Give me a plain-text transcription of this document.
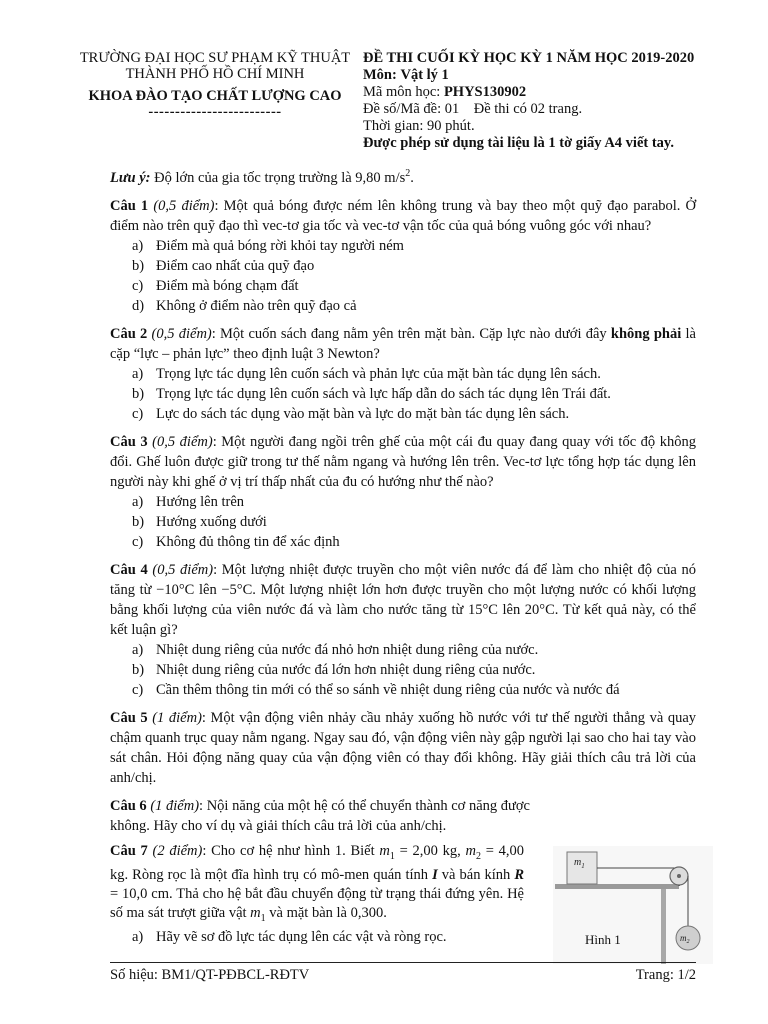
TRƯỜNG ĐẠI HỌC SƯ PHẠM KỸ THUẬT
THÀNH PHỐ HỒ CHÍ MINH
KHOA ĐÀO TẠO CHẤT LƯỢNG CAO
-------------------------
ĐỀ THI CUỐI KỲ HỌC KỲ 1 NĂM HỌC 2019-2020
Môn: Vật lý 1
Mã môn học: PHYS130902
Đề số/Mã đề: 01 Đề thi có 02 trang.
Thời gian: 90 phút.
Được phép sử dụng tài liệu là 1 tờ giấy A4 viết tay.

Lưu ý: Độ lớn của gia tốc trọng trường là 9,80 $m/s^2$.

Câu 1 (0,5 điểm): Một quả bóng được ném lên không trung và bay theo một quỹ đạo parabol. Ở điểm nào trên quỹ đạo thì vec-tơ gia tốc và vec-tơ vận tốc của quả bóng vuông góc với nhau?

a) Điểm mà quả bóng rời khỏi tay người ném
b) Điểm cao nhất của quỹ đạo
c) Điểm mà bóng chạm đất
d) Không ở điểm nào trên quỹ đạo cả

Câu 2 (0,5 điểm): Một cuốn sách đang nằm yên trên mặt bàn. Cặp lực nào dưới đây không phải là cặp “lực – phản lực” theo định luật 3 Newton?

a) Trọng lực tác dụng lên cuốn sách và phản lực của mặt bàn tác dụng lên sách.
b) Trọng lực tác dụng lên cuốn sách và lực hấp dẫn do sách tác dụng lên Trái đất.
c) Lực do sách tác dụng vào mặt bàn và lực do mặt bàn tác dụng lên sách.

Câu 3 (0,5 điểm): Một người đang ngồi trên ghế của một cái đu quay đang quay với tốc độ không đổi. Ghế luôn được giữ trong tư thế nằm ngang và hướng lên trên. Vec-tơ lực tổng hợp tác dụng lên người này khi ghế ở vị trí thấp nhất của đu có hướng như thế nào?

a) Hướng lên trên
b) Hướng xuống dưới
c) Không đủ thông tin để xác định

Câu 4 (0,5 điểm): Một lượng nhiệt được truyền cho một viên nước đá để làm cho nhiệt độ của nó tăng từ −10°C lên −5°C. Một lượng nhiệt lớn hơn được truyền cho một lượng nước có khối lượng bằng khối lượng của viên nước đá và làm cho nước tăng từ 15°C lên 20°C. Từ kết quả này, có thể kết luận gì?

a) Nhiệt dung riêng của nước đá nhỏ hơn nhiệt dung riêng của nước.
b) Nhiệt dung riêng của nước đá lớn hơn nhiệt dung riêng của nước.
c) Cần thêm thông tin mới có thể so sánh về nhiệt dung riêng của nước và nước đá

Câu 5 (1 điểm): Một vận động viên nhảy cầu nhảy xuống hồ nước với tư thế người thẳng và quay chậm quanh trục quay nằm ngang. Ngay sau đó, vận động viên này gập người lại sao cho hai tay vào sát chân. Hỏi động năng quay của vận động viên có thay đổi không. Hãy giải thích câu trả lời của anh/chị.

Câu 6 (1 điểm): Nội năng của một hệ có thể chuyển thành cơ năng được không. Hãy cho ví dụ và giải thích câu trả lời của anh/chị.

Câu 7 (2 điểm): Cho cơ hệ như hình 1. Biết $m_1 = 2,00$ kg, $m_2 = 4,00$ kg. Ròng rọc là một đĩa hình trụ có mô-men quán tính I và bán kính R = 10,0 cm. Thả cho hệ bắt đầu chuyển động từ trạng thái đứng yên. Hệ số ma sát trượt giữa vật $m_1$ và mặt bàn là 0,300.

a) Hãy vẽ sơ đồ lực tác dụng lên các vật và ròng rọc.
$m_1$
$m_2$
Hình 1
Số hiệu: BM1/QT-PĐBCL-RĐTV	Trang: 1/2
